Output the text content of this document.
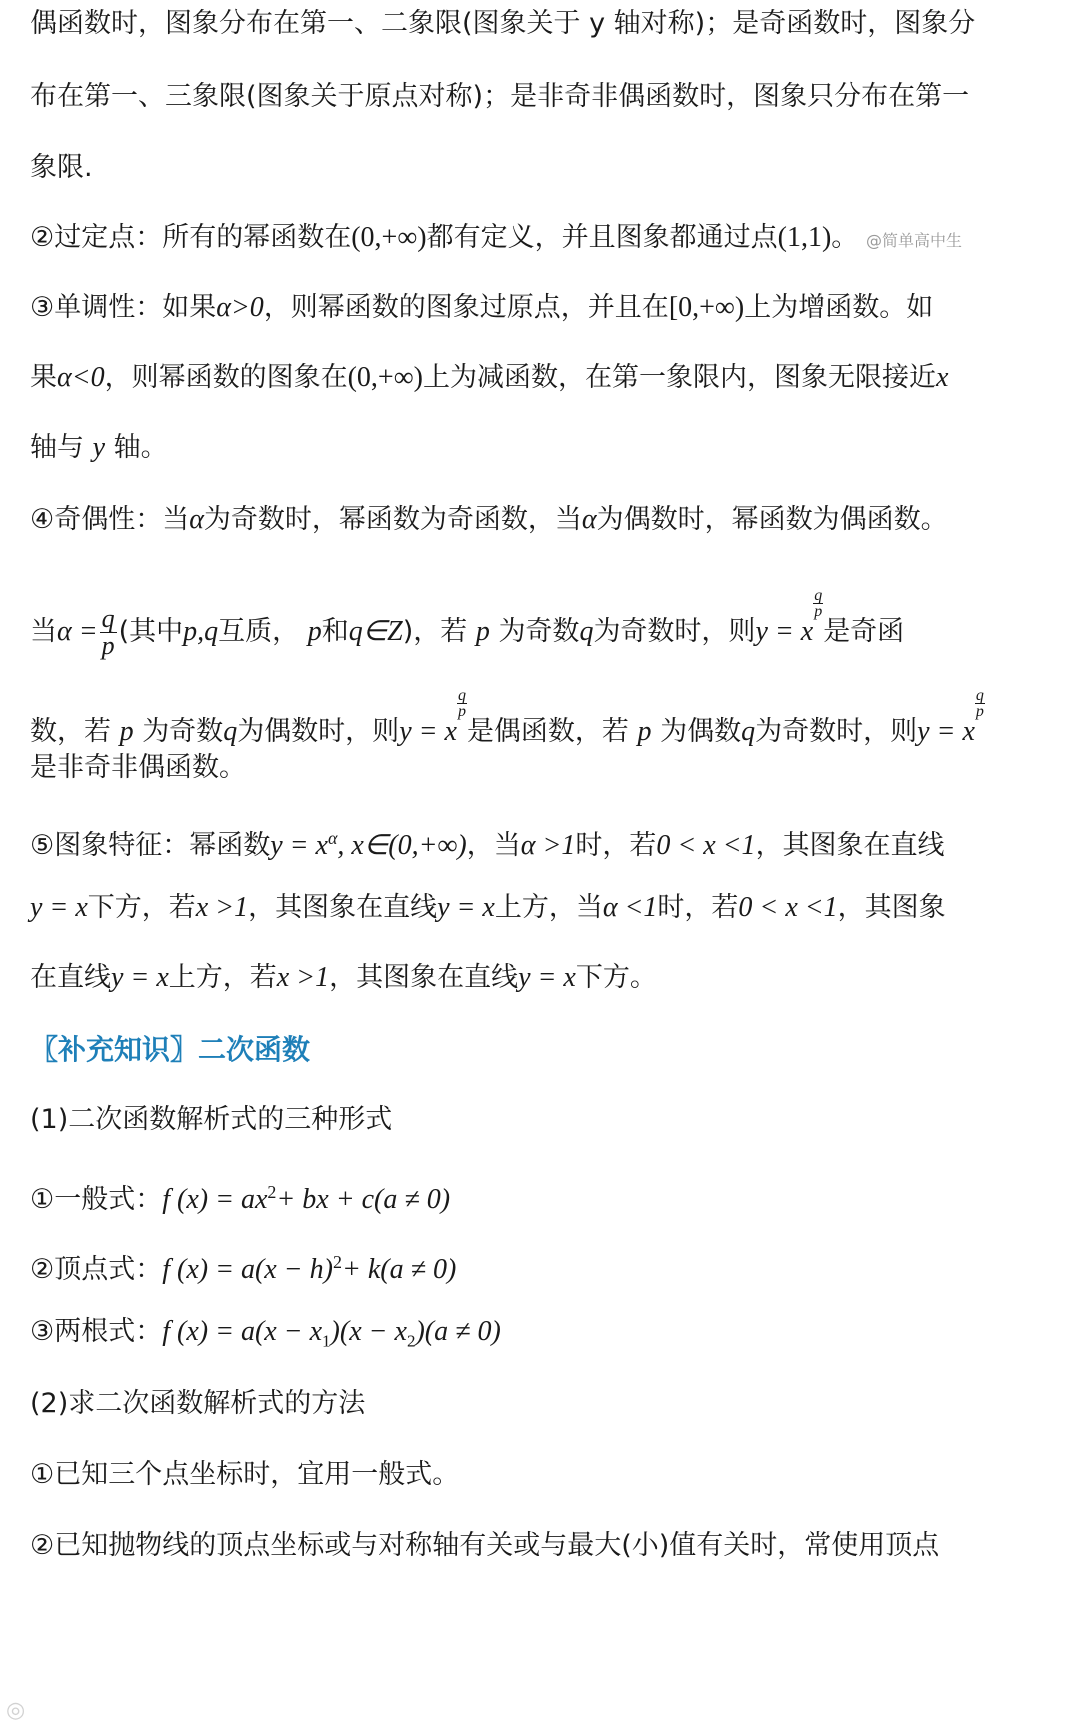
偶函数时，图象分布在第一、二象限(图象关于 y 轴对称)；是奇函数时，图象分
布在第一、三象限(图象关于原点对称)；是非奇非偶函数时，图象只分布在第一
象限.
②过定点：所有的幂函数在(0,+∞)都有定义，并且图象都通过点(1,1)。 @简单高中生
③单调性：如果α>0，则幂函数的图象过原点，并且在[0,+∞)上为增函数。如
果α<0，则幂函数的图象在(0,+∞)上为减函数，在第一象限内，图象无限接近x
轴与 y 轴。
④奇偶性：当α为奇数时，幂函数为奇函数，当α为偶数时，幂函数为偶函数。
当$\alpha = \frac{q}{p}$ (其中p,q互质， p和q∈Z)，若 p 为奇数q为奇数时，则y = x
$\frac{q}{p}$
是奇函
数，若 p 为奇数q为偶数时，则y = x
$\frac{q}{p}$
是偶函数，若 p 为偶数q为奇数时，则y = x
$\frac{q}{p}$
是非奇非偶函数。
⑤图象特征：幂函数$y = x^\alpha$, x∈(0,+∞)，当α >1时，若0 < x <1，其图象在直线
y = x下方，若x >1，其图象在直线y = x上方，当α <1时，若0 < x <1，其图象
在直线y = x上方，若x >1，其图象在直线y = x下方。
〖补充知识〗二次函数
(1)二次函数解析式的三种形式
①一般式：f $(x) = ax^2+$ bx + c(a ≠ 0)
②顶点式：f $(x) = a(x - h)^2+ k(a \ne 0)$
③两根式：f $(x) = a(x - x_1)(x - x_2)(a \ne 0)$
(2)求二次函数解析式的方法
①已知三个点坐标时，宜用一般式。
②已知抛物线的顶点坐标或与对称轴有关或与最大(小)值有关时，常使用顶点
◎
